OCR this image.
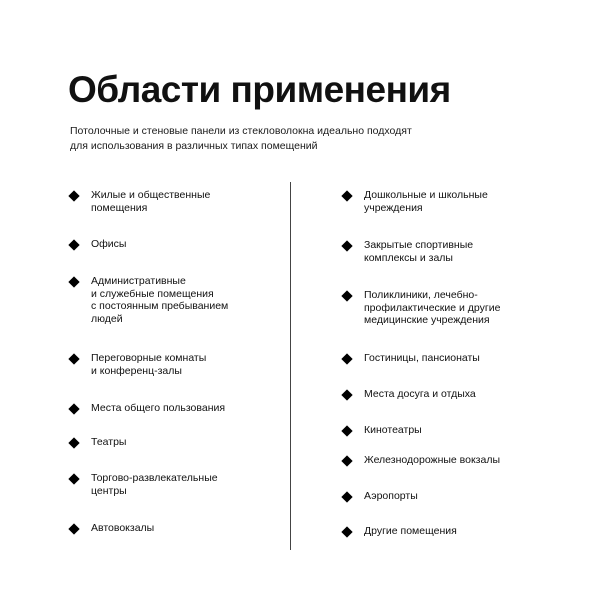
Области применения

Потолочные и стеновые панели из стекловолокна идеально подходят
для использования в различных типах помещений

Жилые и общественные
помещения
Офисы
Административные
и служебные помещения
с постоянным пребыванием
людей
Переговорные комнаты
и конференц-залы
Места общего пользования
Театры
Торгово-развлекательные
центры
Автовокзалы
Дошкольные и школьные
учреждения
Закрытые спортивные
комплексы и залы
Поликлиники, лечебно-
профилактические и другие
медицинские учреждения
Гостиницы, пансионаты
Места досуга и отдыха
Кинотеатры
Железнодорожные вокзалы
Аэропорты
Другие помещения
